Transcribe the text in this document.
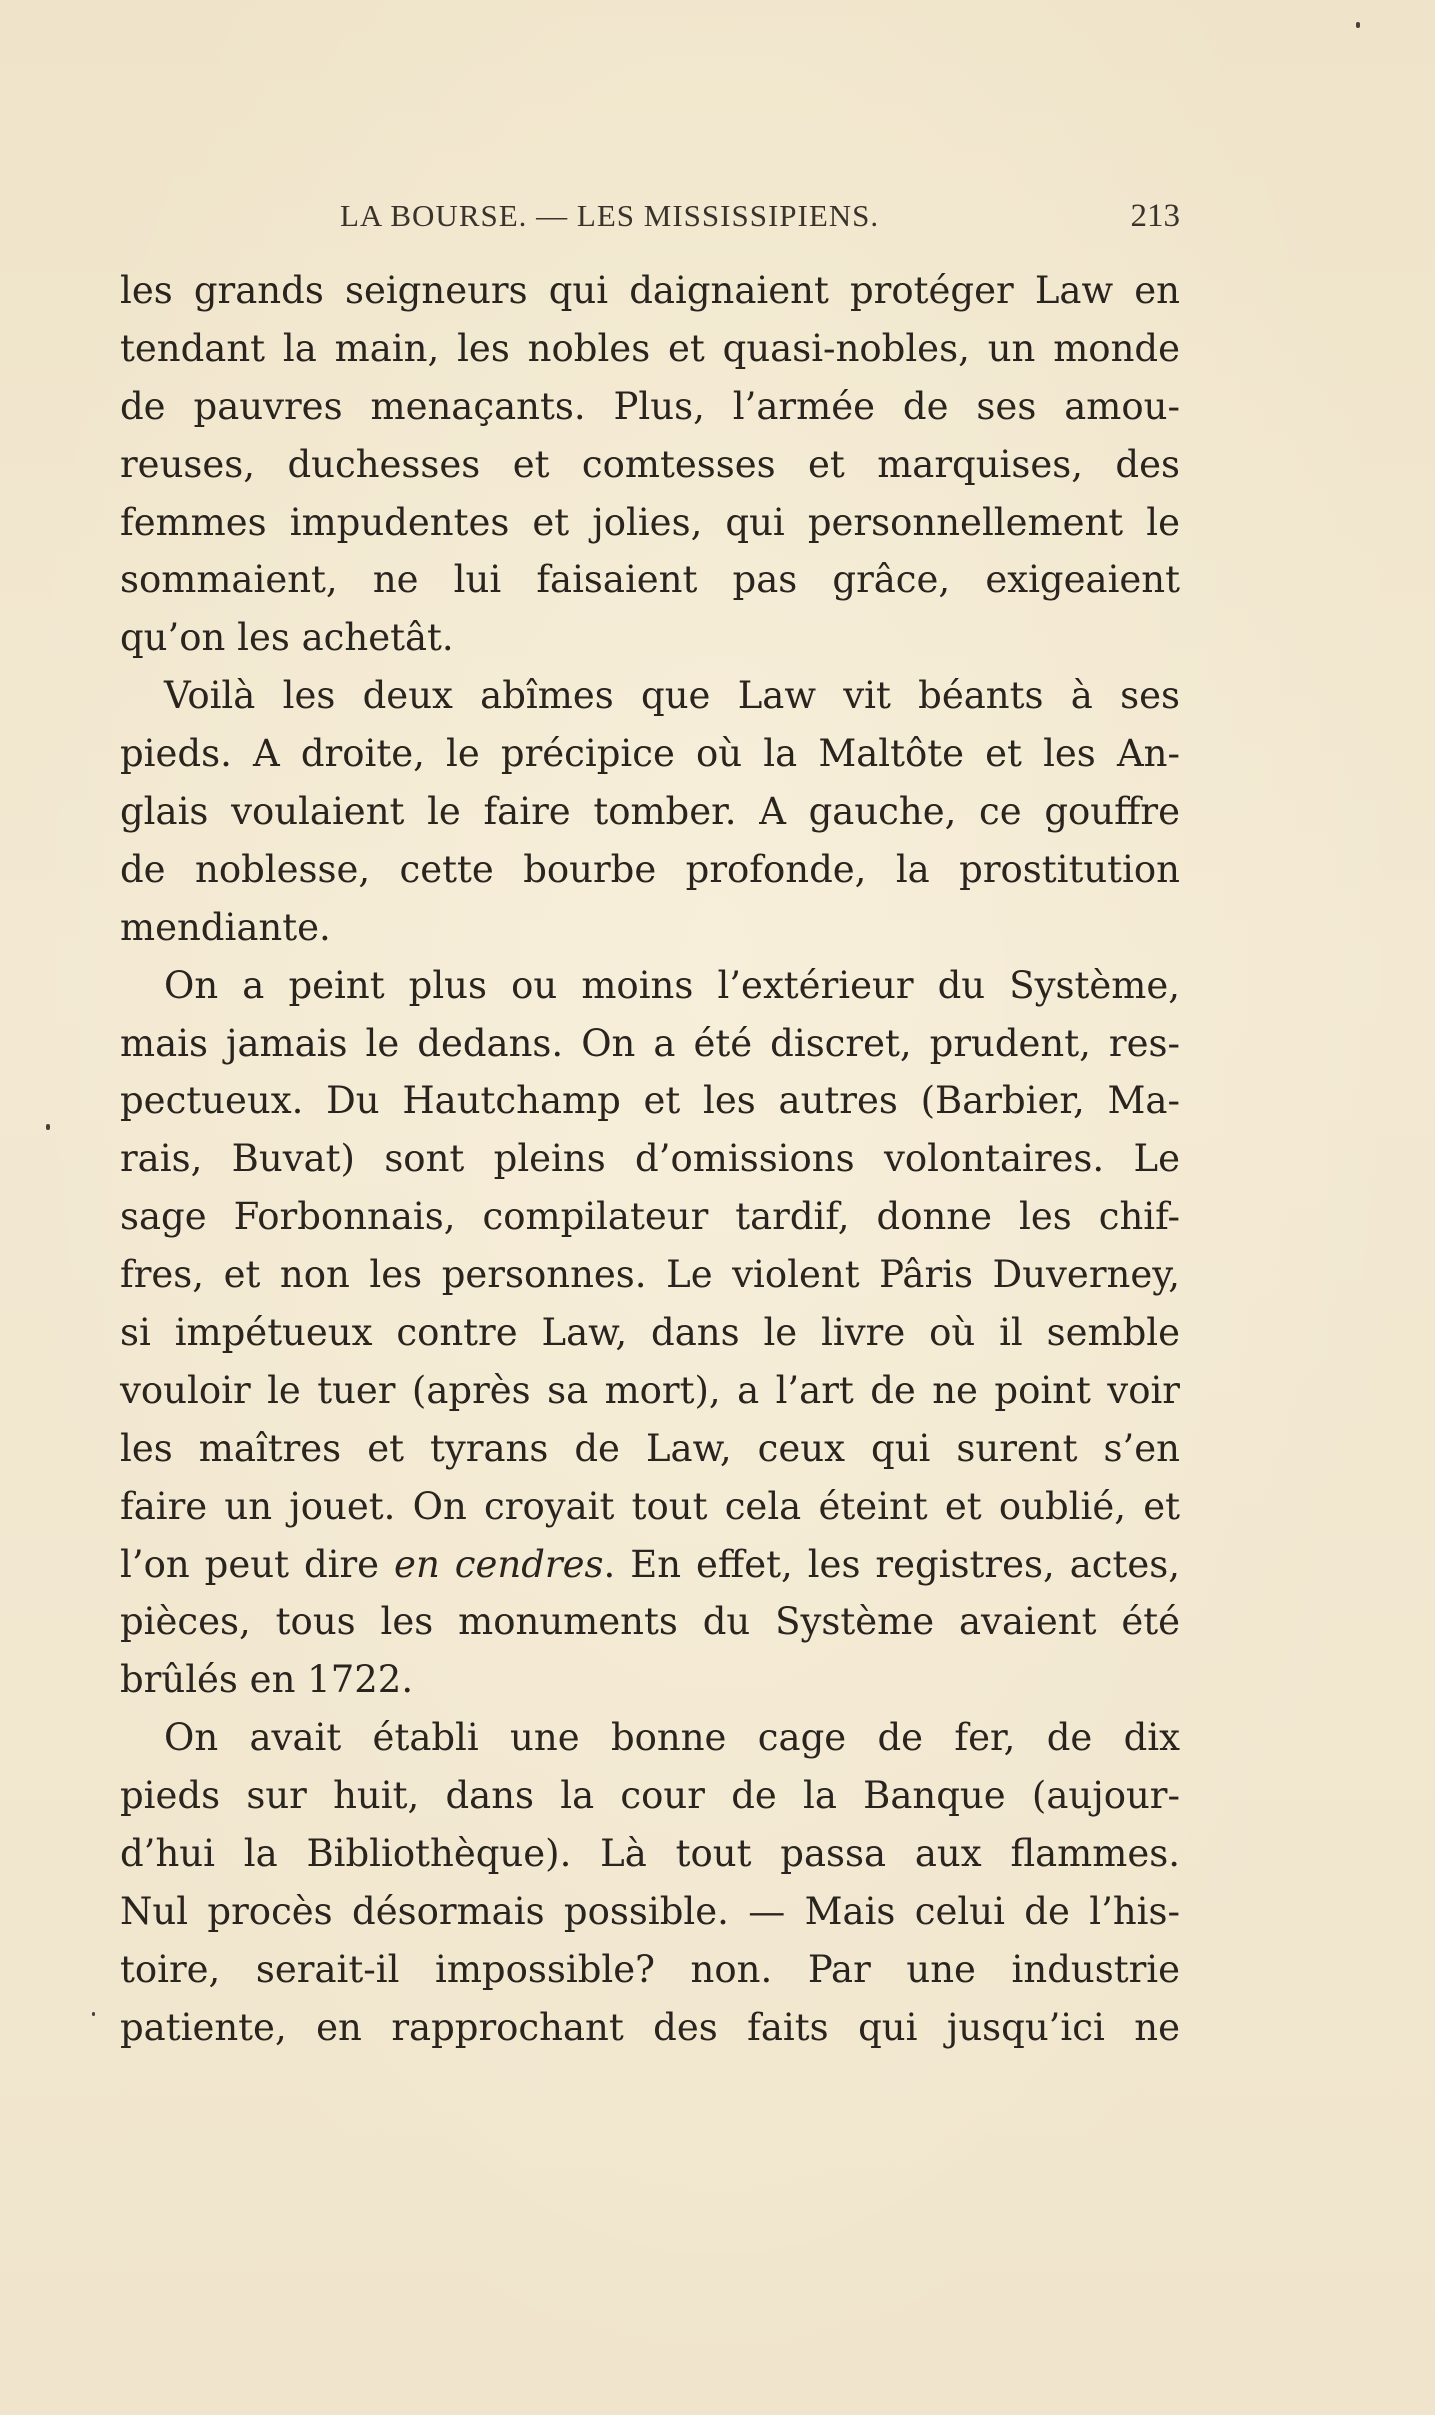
LA BOURSE. — LES MISSISSIPIENS.	213
les grands seigneurs qui daignaient protéger Law en
tendant la main, les nobles et quasi-nobles, un monde
de pauvres menaçants. Plus, l’armée de ses amou-
reuses, duchesses et comtesses et marquises, des
femmes impudentes et jolies, qui personnellement le
sommaient, ne lui faisaient pas grâce, exigeaient
qu’on les achetât.
Voilà les deux abîmes que Law vit béants à ses
pieds. A droite, le précipice où la Maltôte et les An-
glais voulaient le faire tomber. A gauche, ce gouffre
de noblesse, cette bourbe profonde, la prostitution
mendiante.
On a peint plus ou moins l’extérieur du Système,
mais jamais le dedans. On a été discret, prudent, res-
pectueux. Du Hautchamp et les autres (Barbier, Ma-
rais, Buvat) sont pleins d’omissions volontaires. Le
sage Forbonnais, compilateur tardif, donne les chif-
fres, et non les personnes. Le violent Pâris Duverney,
si impétueux contre Law, dans le livre où il semble
vouloir le tuer (après sa mort), a l’art de ne point voir
les maîtres et tyrans de Law, ceux qui surent s’en
faire un jouet. On croyait tout cela éteint et oublié, et
l’on peut dire en cendres. En effet, les registres, actes,
pièces, tous les monuments du Système avaient été
brûlés en 1722.
On avait établi une bonne cage de fer, de dix
pieds sur huit, dans la cour de la Banque (aujour-
d’hui la Bibliothèque). Là tout passa aux flammes.
Nul procès désormais possible. — Mais celui de l’his-
toire, serait-il impossible? non. Par une industrie
patiente, en rapprochant des faits qui jusqu’ici ne
